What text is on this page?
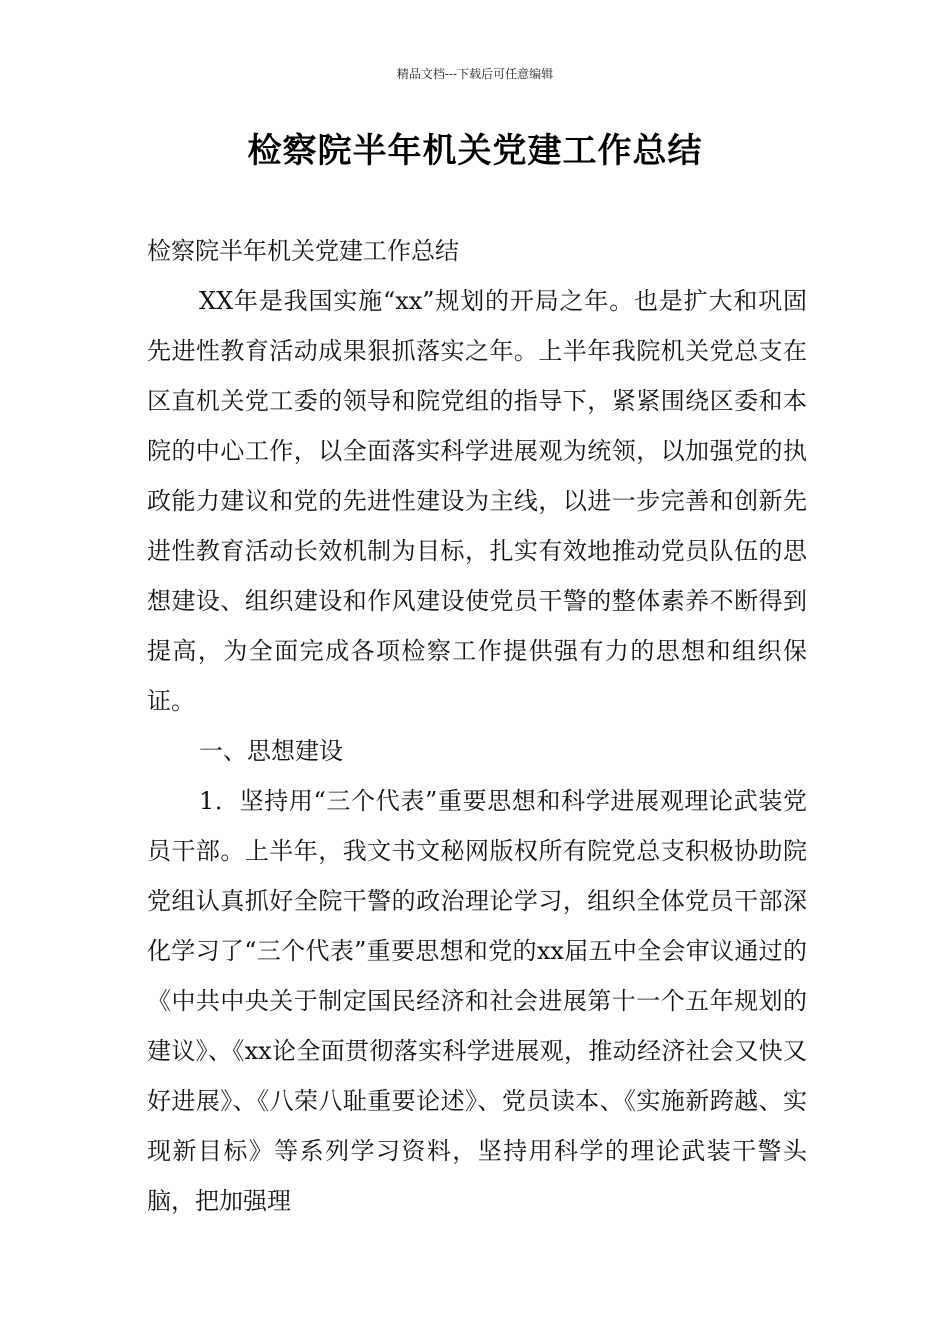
精品文档---下载后可任意编辑
检察院半年机关党建工作总结

检察院半年机关党建工作总结

XX年是我国实施“xx”规划的开局之年。也是扩大和巩固先进性教育活动成果狠抓落实之年。上半年我院机关党总支在区直机关党工委的领导和院党组的指导下，紧紧围绕区委和本院的中心工作，以全面落实科学进展观为统领，以加强党的执政能力建议和党的先进性建设为主线，以进一步完善和创新先进性教育活动长效机制为目标，扎实有效地推动党员队伍的思想建设、组织建设和作风建设使党员干警的整体素养不断得到提高，为全面完成各项检察工作提供强有力的思想和组织保证。

一、思想建设

1．坚持用“三个代表”重要思想和科学进展观理论武装党员干部。上半年，我文书文秘网版权所有院党总支积极协助院党组认真抓好全院干警的政治理论学习，组织全体党员干部深化学习了“三个代表”重要思想和党的xx届五中全会审议通过的《中共中央关于制定国民经济和社会进展第十一个五年规划的建议》、《xx论全面贯彻落实科学进展观，推动经济社会又快又好进展》、《八荣八耻重要论述》、党员读本、《实施新跨越、实现新目标》等系列学习资料，坚持用科学的理论武装干警头脑，把加强理
